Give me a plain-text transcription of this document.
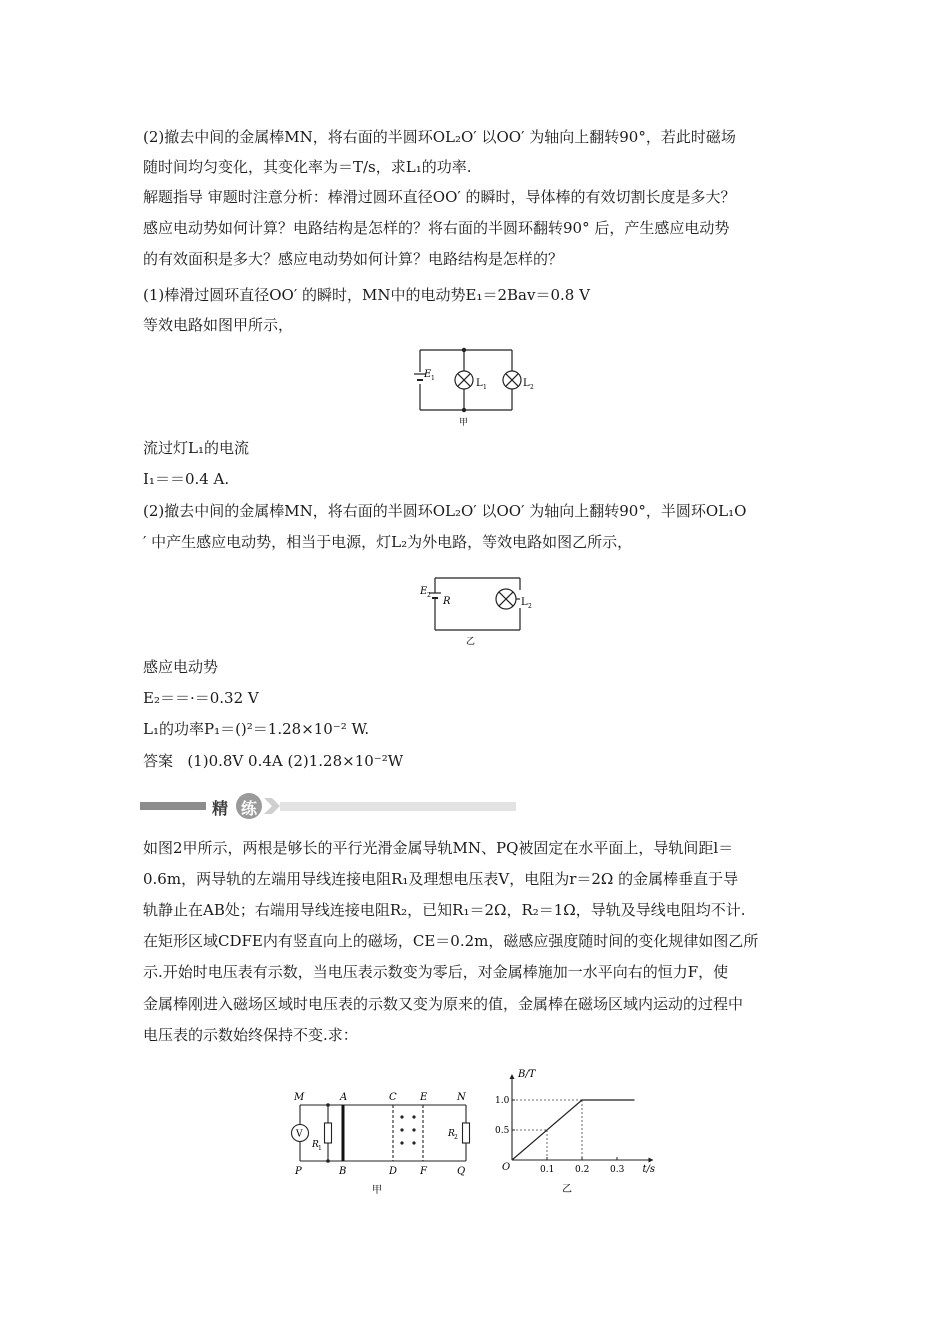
(2)撤去中间的金属棒MN，将右面的半圆环OL₂O′ 以OO′ 为轴向上翻转90°，若此时磁场
随时间均匀变化，其变化率为＝T/s，求L₁的功率.
解题指导 审题时注意分析：棒滑过圆环直径OO′ 的瞬时，导体棒的有效切割长度是多大？
感应电动势如何计算？电路结构是怎样的？将右面的半圆环翻转90° 后，产生感应电动势
的有效面积是多大？感应电动势如何计算？电路结构是怎样的？
(1)棒滑过圆环直径OO′ 的瞬时，MN中的电动势E₁＝2Bav＝0.8 V
等效电路如图甲所示，
E 1	L 1	L 2
甲
流过灯L₁的电流
I₁＝＝0.4 A.
(2)撤去中间的金属棒MN，将右面的半圆环OL₂O′ 以OO′ 为轴向上翻转90°，半圆环OL₁O
′ 中产生感应电动势，相当于电源，灯L₂为外电路，等效电路如图乙所示，
E 2
R	L 2
乙
感应电动势
E₂＝＝·＝0.32 V
L₁的功率P₁＝()²＝1.28×10⁻² W.
答案 (1)0.8V 0.4A (2)1.28×10⁻²W
精 练
如图2甲所示，两根是够长的平行光滑金属导轨MN、PQ被固定在水平面上，导轨间距l＝
0.6m，两导轨的左端用导线连接电阻R₁及理想电压表V，电阻为r＝2Ω 的金属棒垂直于导
轨静止在AB处；右端用导线连接电阻R₂，已知R₁＝2Ω，R₂＝1Ω，导轨及导线电阻均不计.
在矩形区域CDFE内有竖直向上的磁场，CE＝0.2m，磁感应强度随时间的变化规律如图乙所
示.开始时电压表有示数，当电压表示数变为零后，对金属棒施加一水平向右的恒力F，使
金属棒刚进入磁场区域时电压表的示数又变为原来的值，金属棒在磁场区域内运动的过程中
电压表的示数始终保持不变.求：
V
M	A	C E	N
P	B	D F	Q
R 1
R 2
甲
0.1 0.2 0.3
0.5
1.0
B/T
t/s
O
乙
